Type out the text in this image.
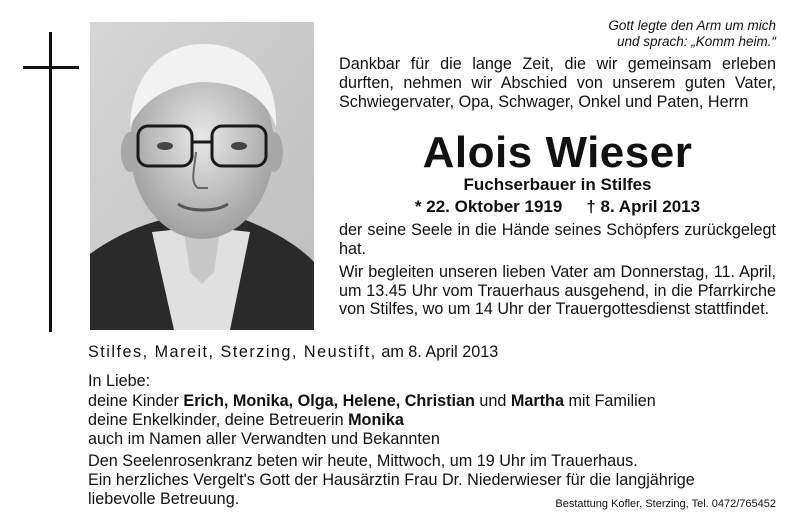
Gott legte den Arm um mich
und sprach: „Komm heim.“
Dankbar für die lange Zeit, die wir gemeinsam erleben durften, nehmen wir Abschied von unserem guten Vater, Schwiegervater, Opa, Schwager, Onkel und Paten, Herrn
Alois Wieser
Fuchserbauer in Stilfes
* 22. Oktober 1919 † 8. April 2013
der seine Seele in die Hände seines Schöpfers zurückgelegt hat.
Wir begleiten unseren lieben Vater am Donnerstag, 11. April, um 13.45 Uhr vom Trauerhaus ausgehend, in die Pfarrkirche von Stilfes, wo um 14 Uhr der Trauergottesdienst stattfindet.
Stilfes, Mareit, Sterzing, Neustift, am 8. April 2013
In Liebe:
deine Kinder Erich, Monika, Olga, Helene, Christian und Martha mit Familien
deine Enkelkinder, deine Betreuerin Monika
auch im Namen aller Verwandten und Bekannten
Den Seelenrosenkranz beten wir heute, Mittwoch, um 19 Uhr im Trauerhaus.
Ein herzliches Vergelt's Gott der Hausärztin Frau Dr. Niederwieser für die langjährige
liebevolle Betreuung.	Bestattung Kofler, Sterzing, Tel. 0472/765452
